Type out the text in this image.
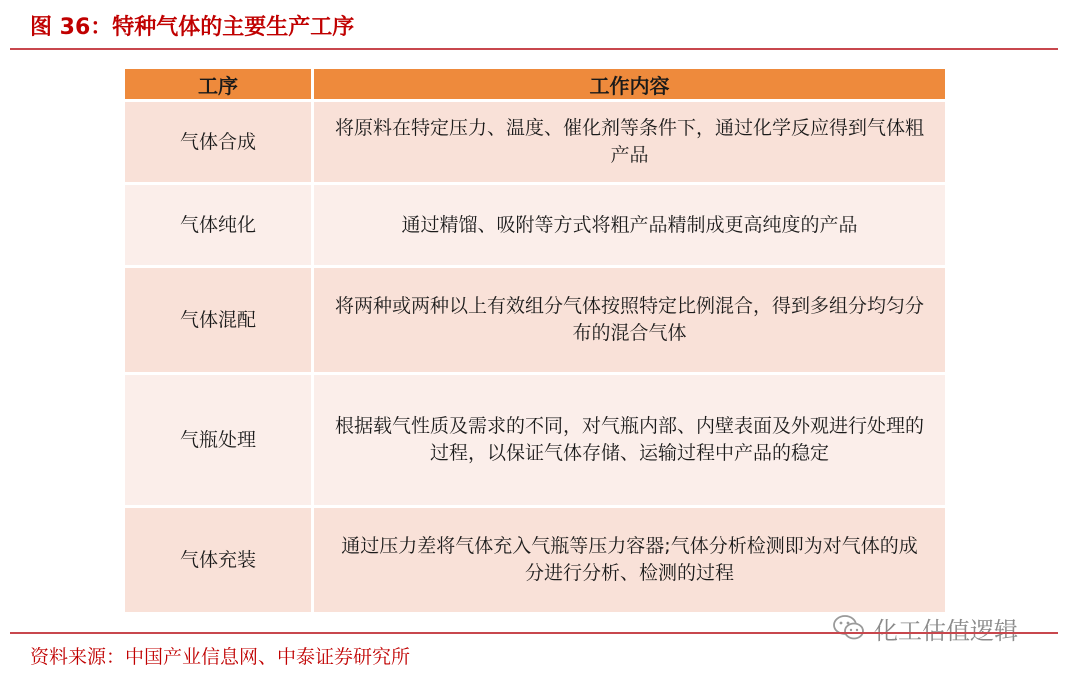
图 36：特种气体的主要生产工序
工序	工作内容
气体合成	将原料在特定压力、温度、催化剂等条件下，通过化学反应得到气体粗产品
气体纯化	通过精馏、吸附等方式将粗产品精制成更高纯度的产品
气体混配	将两种或两种以上有效组分气体按照特定比例混合，得到多组分均匀分布的混合气体
气瓶处理	根据载气性质及需求的不同，对气瓶内部、内壁表面及外观进行处理的过程，以保证气体存储、运输过程中产品的稳定
气体充装	通过压力差将气体充入气瓶等压力容器;气体分析检测即为对气体的成分进行分析、检测的过程
化工估值逻辑
资料来源：中国产业信息网、中泰证券研究所
